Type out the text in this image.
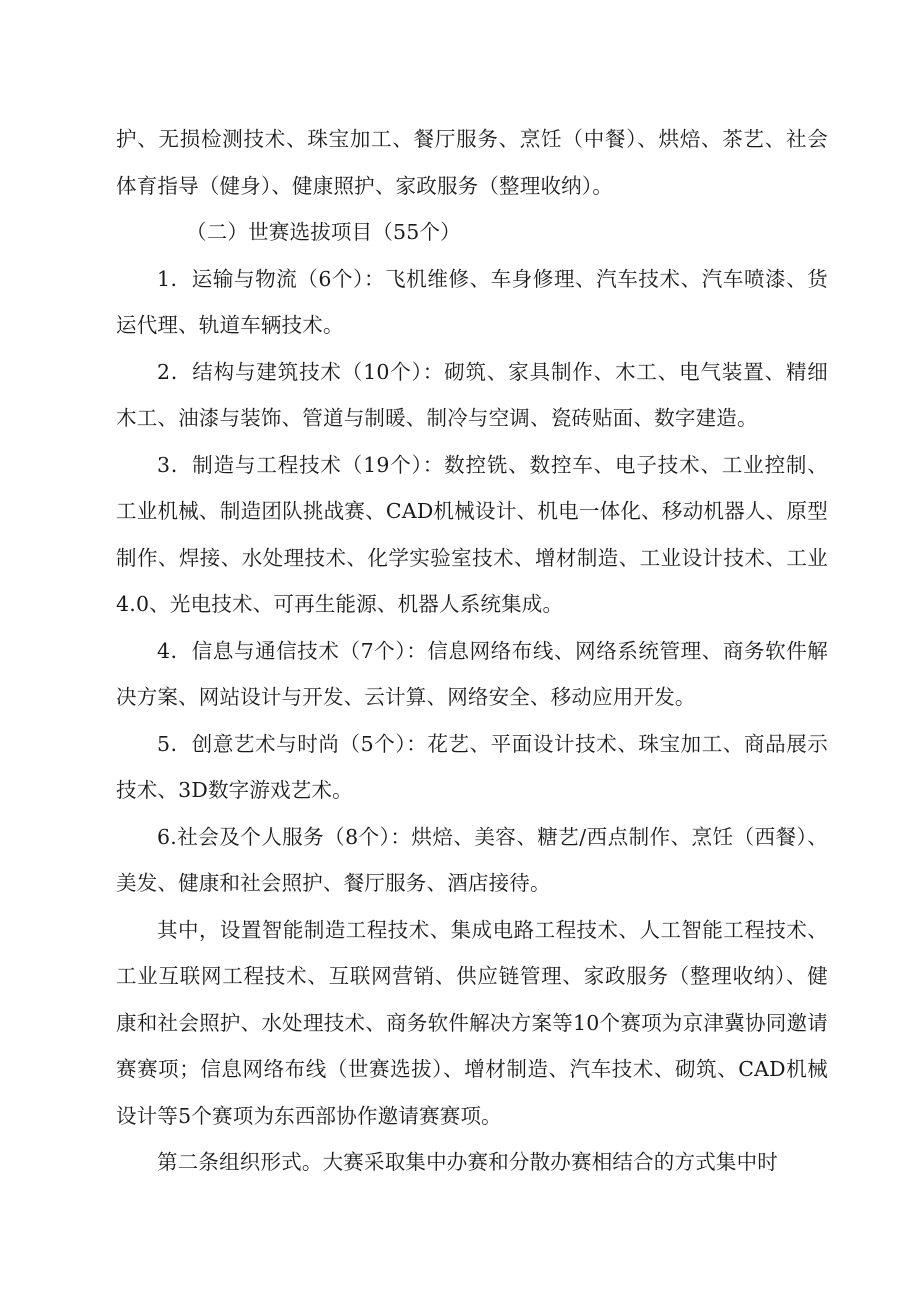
护、无损检测技术、珠宝加工、餐厅服务、烹饪（中餐）、烘焙、茶艺、社会体育指导（健身）、健康照护、家政服务（整理收纳）。

（二）世赛选拔项目（55个）

1．运输与物流（6个）：飞机维修、车身修理、汽车技术、汽车喷漆、货运代理、轨道车辆技术。

2．结构与建筑技术（10个）：砌筑、家具制作、木工、电气装置、精细木工、油漆与装饰、管道与制暖、制冷与空调、瓷砖贴面、数字建造。

3．制造与工程技术（19个）：数控铣、数控车、电子技术、工业控制、工业机械、制造团队挑战赛、CAD机械设计、机电一体化、移动机器人、原型制作、焊接、水处理技术、化学实验室技术、增材制造、工业设计技术、工业4.0、光电技术、可再生能源、机器人系统集成。

4．信息与通信技术（7个）：信息网络布线、网络系统管理、商务软件解决方案、网站设计与开发、云计算、网络安全、移动应用开发。

5．创意艺术与时尚（5个）：花艺、平面设计技术、珠宝加工、商品展示技术、3D数字游戏艺术。

6.社会及个人服务（8个）：烘焙、美容、糖艺/西点制作、烹饪（西餐）、美发、健康和社会照护、餐厅服务、酒店接待。

其中，设置智能制造工程技术、集成电路工程技术、人工智能工程技术、工业互联网工程技术、互联网营销、供应链管理、家政服务（整理收纳）、健康和社会照护、水处理技术、商务软件解决方案等10个赛项为京津冀协同邀请赛赛项；信息网络布线（世赛选拔）、增材制造、汽车技术、砌筑、CAD机械设计等5个赛项为东西部协作邀请赛赛项。

第二条组织形式。大赛采取集中办赛和分散办赛相结合的方式集中时
